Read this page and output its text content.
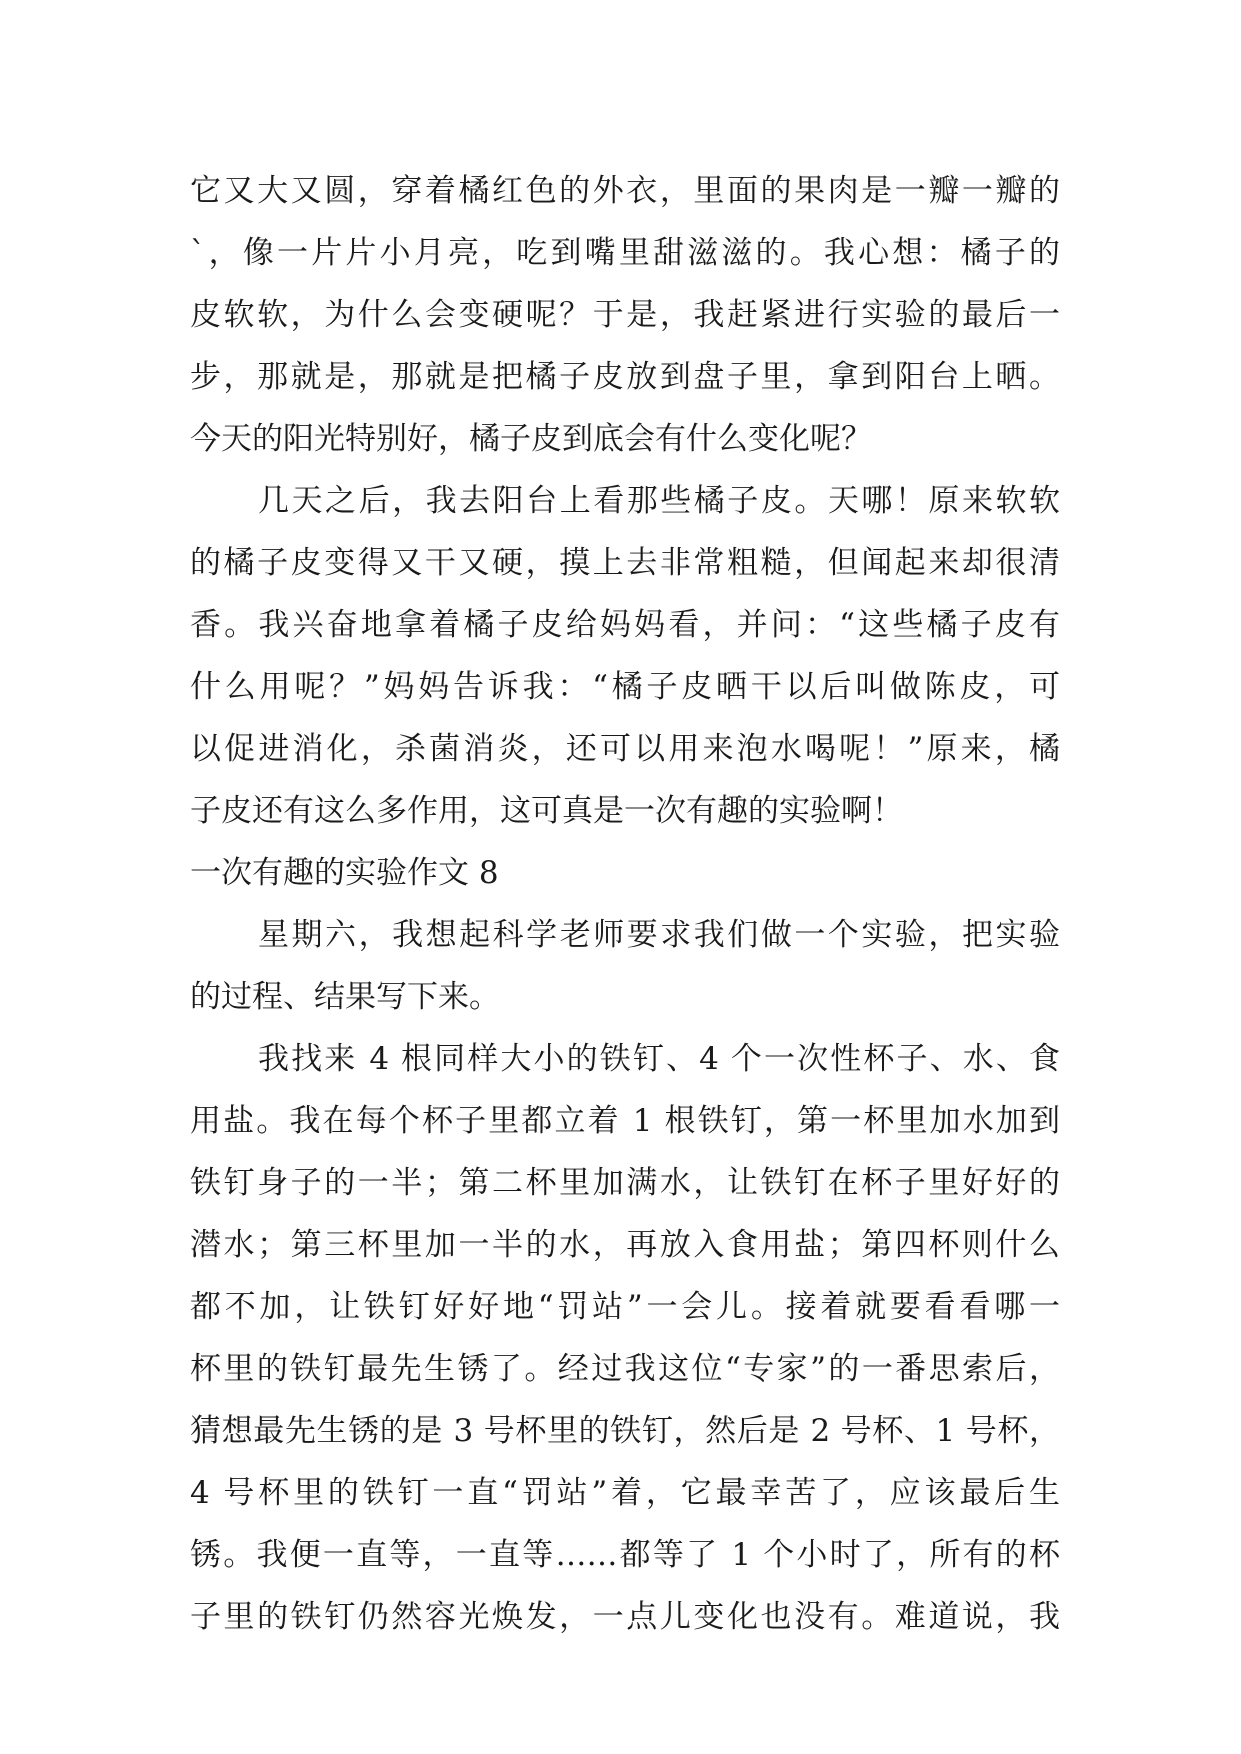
它又大又圆，穿着橘红色的外衣，里面的果肉是一瓣一瓣的
`，像一片片小月亮，吃到嘴里甜滋滋的。我心想：橘子的
皮软软，为什么会变硬呢？于是，我赶紧进行实验的最后一
步，那就是，那就是把橘子皮放到盘子里，拿到阳台上晒。
今天的阳光特别好，橘子皮到底会有什么变化呢？
几天之后，我去阳台上看那些橘子皮。天哪！原来软软
的橘子皮变得又干又硬，摸上去非常粗糙，但闻起来却很清
香。我兴奋地拿着橘子皮给妈妈看，并问：“这些橘子皮有
什么用呢？”妈妈告诉我：“橘子皮晒干以后叫做陈皮，可
以促进消化，杀菌消炎，还可以用来泡水喝呢！”原来，橘
子皮还有这么多作用，这可真是一次有趣的实验啊！
一次有趣的实验作文 8
星期六，我想起科学老师要求我们做一个实验，把实验
的过程、结果写下来。
我找来 4 根同样大小的铁钉、4 个一次性杯子、水、食
用盐。我在每个杯子里都立着 1 根铁钉，第一杯里加水加到
铁钉身子的一半；第二杯里加满水，让铁钉在杯子里好好的
潜水；第三杯里加一半的水，再放入食用盐；第四杯则什么
都不加，让铁钉好好地“罚站”一会儿。接着就要看看哪一
杯里的铁钉最先生锈了。经过我这位“专家”的一番思索后，
猜想最先生锈的是 3 号杯里的铁钉，然后是 2 号杯、1 号杯，
4 号杯里的铁钉一直“罚站”着，它最幸苦了，应该最后生
锈。我便一直等，一直等……都等了 1 个小时了，所有的杯
子里的铁钉仍然容光焕发，一点儿变化也没有。难道说，我
